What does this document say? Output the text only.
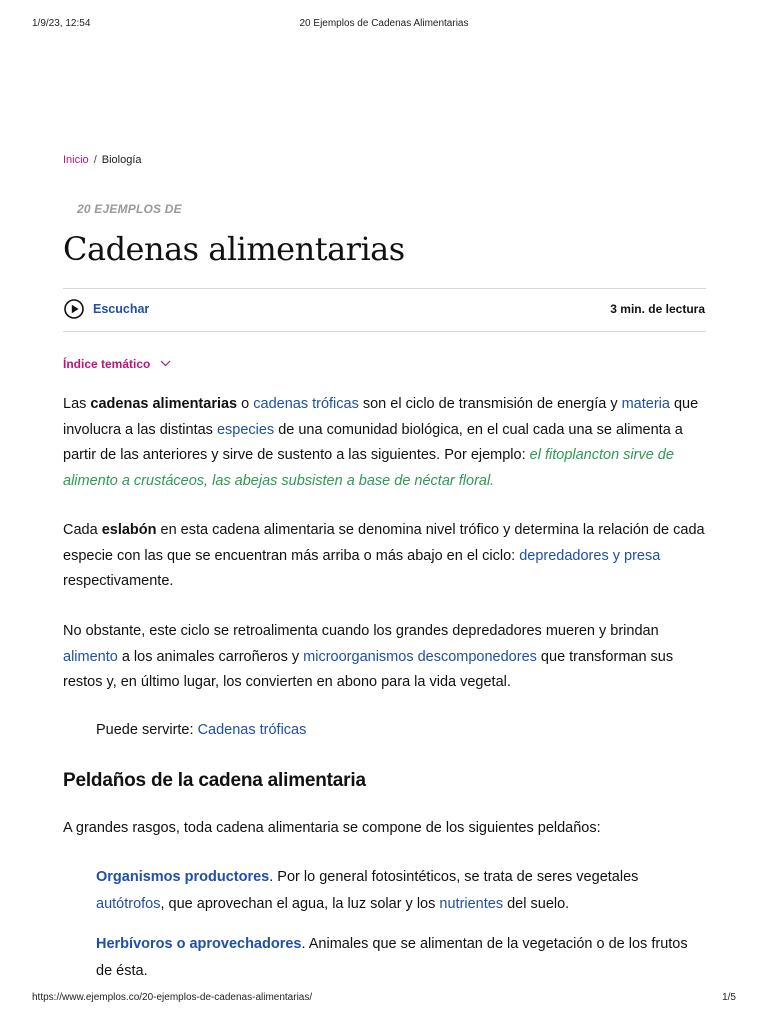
1/9/23, 12:54	20 Ejemplos de Cadenas Alimentarias
Inicio / Biología
20 EJEMPLOS DE
Cadenas alimentarias
Escuchar	3 min. de lectura
Índice temático

Las cadenas alimentarias o cadenas tróficas son el ciclo de transmisión de energía y materia que involucra a las distintas especies de una comunidad biológica, en el cual cada una se alimenta a partir de las anteriores y sirve de sustento a las siguientes. Por ejemplo: el fitoplancton sirve de alimento a crustáceos, las abejas subsisten a base de néctar floral.

Cada eslabón en esta cadena alimentaria se denomina nivel trófico y determina la relación de cada especie con las que se encuentran más arriba o más abajo en el ciclo: depredadores y presa respectivamente.

No obstante, este ciclo se retroalimenta cuando los grandes depredadores mueren y brindan alimento a los animales carroñeros y microorganismos descomponedores que transforman sus restos y, en último lugar, los convierten en abono para la vida vegetal.

Puede servirte: Cadenas tróficas
Peldaños de la cadena alimentaria

A grandes rasgos, toda cadena alimentaria se compone de los siguientes peldaños:

Organismos productores. Por lo general fotosintéticos, se trata de seres vegetales autótrofos, que aprovechan el agua, la luz solar y los nutrientes del suelo.

Herbívoros o aprovechadores. Animales que se alimentan de la vegetación o de los frutos de ésta.

https://www.ejemplos.co/20-ejemplos-de-cadenas-alimentarias/	1/5
